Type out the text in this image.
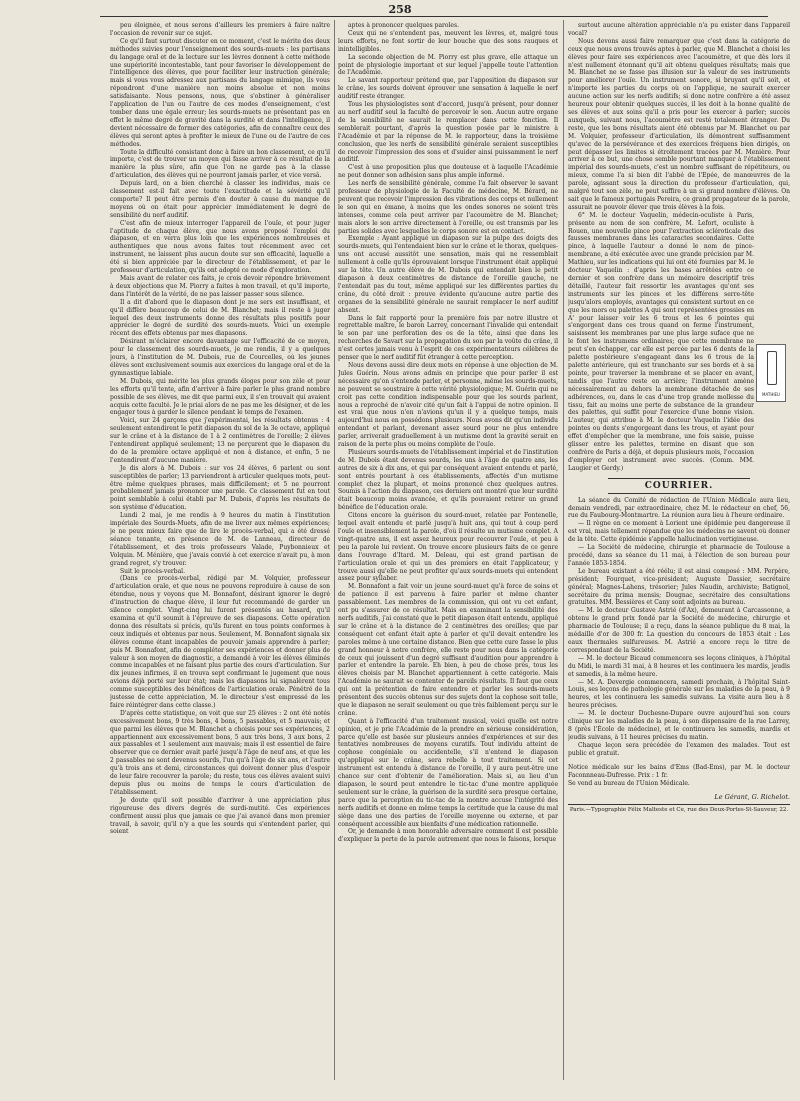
258

peu éloignée, et nous serons d'ailleurs les premiers à faire naître l'occasion de revenir sur ce sujet.

Ce qu'il faut surtout discuter en ce moment, c'est le mérite des deux méthodes suivies pour l'enseignement des sourds-muets : les partisans du langage oral et de la lecture sur les lèvres donnent à cette méthode une supériorité incontestable, tant pour favoriser le développement de l'intelligence des élèves, que pour faciliter leur instruction générale; mais si vous vous adressez aux partisans du langage mimique, ils vous répondront d'une manière non moins absolue et non moins satisfaisante. Nous pensons, nous, que s'obstiner à généraliser l'application de l'un ou l'autre de ces modes d'enseignement, c'est tomber dans une égale erreur; les sourds-muets ne présentant pas en effet le même degré de gravité dans la surdité et dans l'intelligence, il devient nécessaire de former des catégories, afin de connaître ceux des élèves qui seront aptes à profiter le mieux de l'une ou de l'autre de ces méthodes.

Toute la difficulté consistant donc à faire un bon classement, ce qu'il importe, c'est de trouver un moyen qui fasse arriver à ce résultat de la manière la plus sûre, afin que l'on ne garde pas à la classe d'articulation, des élèves qui ne pourront jamais parler, et vice versâ.

Depuis lard, on a bien cherché à classer les individus, mais ce classement est-il fait avec toute l'exactitude et la sévérité qu'il comporte? Il peut être permis d'en douter à cause du manque de moyens où on était pour apprécier immédiatement le degré de sensibilité du nerf auditif.

C'est afin de mieux interroger l'appareil de l'ouïe, et pour juger l'aptitude de chaque élève, que nous avons proposé l'emploi du diapason, et en verra plus loin que les expériences nombreuses et authentiques que nous avons faites tout récemment avec cet instrument, ne laissent plus aucun doute sur son efficacité, laquelle a été si bien appréciée par le directeur de l'établissement, et par le professeur d'articulation, qu'ils ont adopté ce mode d'exploration.

Mais avant de relater ces faits, je crois devoir répondre brièvement à deux objections que M. Piorry a faites à mon travail, et qu'il importe, dans l'intérêt de la vérité, de ne pas laisser passer sous silence.

Il a dit d'abord que le diapason dont je me sers est insuffisant, et qu'il diffère beaucoup de celui de M. Blanchet; mais il reste à juger lequel des deux instruments donne des résultats plus positifs pour apprécier le degré de surdité des sourds-muets. Voici un exemple récent des effets obtenus par mes diapasons.

Désirant m'éclairer encore davantage sur l'efficacité de ce moyen, pour le classement des sourds-muets, je me rendis, il y a quelques jours, à l'institution de M. Dubois, rue de Courcelles, où les jeunes élèves sont exclusivement soumis aux exercices du langage oral et de la gymnastique labiale.

M. Dubois, qui mérite les plus grands éloges pour son zèle et pour les efforts qu'il tente, afin d'arriver à faire parler le plus grand nombre possible de ses élèves, me dit que parmi eux, il s'en trouvait qui avaient acquis cette faculté. Je le priai alors de ne pas me les désigner, et de les engager tous à garder le silence pendant le temps de l'examen.

Voici, sur 24 garçons que j'expérimentai, les résultats obtenus : 4 seulement entendirent le petit diapason du sol de la 3e octave, appliqué sur le crâne et à la distance de 1 à 2 centimètres de l'oreille; 2 élèves l'entendirent appliqué seulement; 13 ne perçurent que le diapason du do de la première octave appliqué et non à distance, et enfin, 5 ne l'entendirent d'aucune manière.

Je dis alors à M. Dubois : sur vos 24 élèves, 6 parlent ou sont susceptibles de parler; 13 parviendront à articuler quelques mots, peut-être même quelques phrases, mais difficilement; et 5 ne pourront probablement jamais prononcer une parole. Ce classement fut en tout point semblable à celui établi par M. Dubois, d'après les résultats de son système d'éducation.

Lundi 2 mai, je me rendis à 9 heures du matin à l'institution impériale des Sourds-Muets, afin de me livrer aux mêmes expériences; je ne peux mieux faire que de lire le procès-verbal, qui a été dressé séance tenante, en présence de M. de Lanneau, directeur de l'établissement, et des trois professeurs Valade, Puybonnieux et Volquin. M. Ménière, que j'avais convié à cet exercice n'avait pu, à mon grand regret, s'y trouver.

Suit le procès-verbal.

(Dans ce procès-verbal, rédigé par M. Volquier, professeur d'articulation orale, et que nous ne pouvons reproduire à cause de son étendue, nous y voyons que M. Bonnafont, désirant ignorer le degré d'instruction de chaque élève, il leur fut recommandé de garder un silence complet. Vingt-cinq lui furent présentés au hasard, qu'il examina et qu'il soumit à l'épreuve de ses diapasons. Cette opération donna des résultats si précis, qu'ils furent en tous points conformes à ceux indiqués et obtenus par nous. Seulement, M. Bonnafont signala six élèves comme étant incapables de pouvoir jamais apprendre à parler; puis M. Bonnafont, afin de compléter ses expériences et donner plus de valeur à son moyen de diagnostic, a demandé à voir les élèves éliminés comme incapables et ne faisant plus partie des cours d'articulation. Sur dix jeunes infirmes, il en trouva sept confirmant le jugement que nous avions déjà porté sur leur état; mais les diapasons lui signalèrent tous comme susceptibles des bénéfices de l'articulation orale. Pénétré de la justesse de cette appréciation, M. le directeur s'est empressé de les faire réintégrer dans cette classe.)

D'après cette statistique, on voit que sur 25 élèves : 2 ont été notés excessivement bons, 9 très bons, 4 bons, 5 passables, et 5 mauvais; et que parmi les élèves que M. Blanchet a choisis pour ses expériences, 2 appartiennent aux excessivement bons, 5 aux très bons, 3 aux bons, 2 aux passables et 1 seulement aux mauvais; mais il est essentiel de faire observer que ce dernier avait parlé jusqu'à l'âge de neuf ans, et que les 2 passables ne sont devenus sourds, l'un qu'à l'âge de six ans, et l'autre qu'à trois ans et demi, circonstances qui doivent donner plus d'espoir de leur faire recouvrer la parole; du reste, tous ces élèves avaient suivi depuis plus ou moins de temps le cours d'articulation de l'établissement.

Je doute qu'il soit possible d'arriver à une appréciation plus rigoureuse des divers degrés de surdi-mutité. Ces expériences confirment aussi plus que jamais ce que j'ai avancé dans mon premier travail, à savoir, qu'il n'y a que les sourds qui s'entendent parler, qui soient

aptes à prononcer quelques paroles.

Ceux qui ne s'entendent pas, meuvent les lèvres, et, malgré tous leurs efforts, ne font sortir de leur bouche que des sons rauques et inintelligibles.

La seconde objection de M. Piorry est plus grave, elle attaque un point de physiologie important et sur lequel j'appelle toute l'attention de l'Académie.

Le savant rapporteur prétend que, par l'apposition du diapason sur le crâne, les sourds doivent éprouver une sensation à laquelle le nerf auditif reste étranger.

Tous les physiologistes sont d'accord, jusqu'à présent, pour donner au nerf auditif seul la faculté de percevoir le son. Aucun autre organe de la sensibilité ne saurait le remplacer dans cette fonction. Il semblerait pourtant, d'après la question posée par le ministre à l'Académie et par la réponse de M. le rapporteur, dans la troisième conclusion, que les nerfs de sensibilité générale seraient susceptibles de recevoir l'impression des sons et d'suider ainsi puissamment le nerf auditif.

C'est à une proposition plus que douteuse et à laquelle l'Académie ne peut donner son adhésion sans plus ample informé.

Les nerfs de sensibilité générale, comme l'a fait observer le savant professeur de physiologie de la Faculté de médecine, M. Bérard, ne peuvent que recevoir l'impression des vibrations des corps et nullement le son qui en émane, à moins que les ondes sonores ne soient très intenses, comme cela peut arriver par l'acoumètre de M. Blanchet; mais alors le son arrive directement à l'oreille, ou est transmis par les parties solides avec lesquelles le corps sonore est en contact.

Exemple : Ayant appliqué un diapason sur la pulpe des doigts des sourds-muets, qui l'entendaient bien sur le crâne et le thorax, quelques-uns ont accusé aussitôt une sensation, mais qui ne ressemblait nullement à celle qu'ils éprouvaient lorsque l'instrument était appliqué sur la tête. Un autre élève de M. Dubois qui entendait bien le petit diapason à deux centimètres de distance de l'oreille gauche, ne l'entendait pas du tout, même appliqué sur les différentes parties du crâne, du côté droit : preuve évidente qu'aucune autre partie des organes de la sensibilité générale ne saurait remplacer le nerf auditif absent.

Dans le fait rapporté pour la première fois par notre illustre et regrettable maître, le baron Larrey, concernant l'invalide qui entendait le son par une perforation des os de la tête, ainsi que dans les recherches de Savart sur la propagation du son par la voûte du crâne, il n'est certes jamais venu à l'esprit de ces expérimentateurs célèbres de penser que le nerf auditif fût étranger à cette perception.

Nous devons aussi dire deux mots en réponse à une objection de M. Jules Guérin. Nous avons admis en principe que pour parler il est nécessaire qu'on s'entende parler, et personne, même les sourds-muets, ne peuvent se soustraire à cette vérité physiologique; M. Guérin qui ne croit pas cette condition indispensable pour que les sourds parlent, nous a reproché de n'avoir cité qu'un fait à l'appui de notre opinion. Il est vrai que nous n'en n'avions qu'un il y a quelque temps, mais aujourd'hui nous en possédons plusieurs. Nous avons dit qu'un individu entendant et parlant, devenant assez sourd pour ne plus entendre parler, arriverait graduellement à un mutisme dont la gravité serait en raison de la perte plus ou moins complète de l'ouïe.

Plusieurs sourds-muets de l'établissement impérial et de l'institution de M. Dubois étant devenus sourds, les uns à l'âge de quatre ans, les autres de six à dix ans, et qui par conséquent avaient entendu et parlé, sont entrés pourtant à ces établissements, affectés d'un mutisme complet chez la plupart, et moins prononcé chez quelques autres. Soumis à l'action du diapason, ces derniers ont montré que leur surdité était beaucoup moins avancée, et qu'ils pouvaient retirer un grand bénéfice de l'éducation orale.

Citons encore la guérison du sourd-muet, relatée par Fontenelle, lequel avait entendu et parlé jusqu'à huit ans, qui tout à coup perd l'ouïe et insensiblement la parole, d'où il résulte un mutisme complet. A vingt-quatre ans, il est assez heureux pour recouvrer l'ouïe, et peu à peu la parole lui revient. On trouve encore plusieurs faits de ce genre dans l'ouvrage d'Itard. M. Deleau, qui est grand partisan de l'articulation orale et qui un des premiers en était l'applicateur, y trouve aussi qu'elle ne peut profiter qu'aux sourds-muets qui entendent assez pour syllaber.

M. Bonnafont a fait voir un jeune sourd-muet qu'à force de soins et de patience il est parvenu à faire parler et même chanter passablement. Les membres de la commission, qui ont vu cet enfant, ont pu s'assurer de ce résultat. Mais en examinant la sensibilité des nerfs auditifs, j'ai constaté que le petit diapason était entendu, appliqué sur le crâne et à la distance de 2 centimètres des oreilles; que par conséquent cet enfant était apte à parler et qu'il devait entendre les paroles même à une certaine distance. Bien que cette cure fasse le plus grand honneur à notre confrère, elle reste pour nous dans la catégorie de ceux qui jouissent d'un degré suffisant d'audition pour apprendre à parler et entendre la parole. Eh bien, à peu de chose près, tous les élèves choisis par M. Blanchet appartiennent à cette catégorie. Mais l'Académie ne saurait se contenter de pareils résultats. Il faut que ceux qui ont la prétention de faire entendre et parler les sourds-muets présentent des succès obtenus sur des sujets dont la cophose soit telle, que le diapason ne serait seulement ou que très faiblement perçu sur le crâne.

Quant à l'efficacité d'un traitement musical, voici quelle est notre opinion, et je prie l'Académie de la prendre en sérieuse considération, parce qu'elle est basée sur plusieurs années d'expériences et sur des tentatives nombreuses de moyens curatifs. Tout individu atteint de cophose congéniale ou accidentelle, s'il n'entend le diapason qu'appliqué sur le crâne, sera rebelle à tout traitement. Si cet instrument est entendu à distance de l'oreille, il y aura peut-être une chance sur cent d'obtenir de l'amélioration. Mais si, au lieu d'un diapason, le sourd peut entendre le tic-tac d'une montre appliquée seulement sur le crâne, la guérison de la surdité sera presque certaine, parce que la perception du tic-tac de la montre accuse l'intégrité des nerfs auditifs et donne en même temps la certitude que la cause du mal siège dans une des parties de l'oreille moyenne ou externe, et par conséquent accessible aux bienfaits d'une médication rationnelle.

Or, je demande à mon honorable adversaire comment il est possible d'expliquer la perte de la parole autrement que nous le faisons, lorsque

surtout aucune altération appréciable n'a pu exister dans l'appareil vocal?

Nous devons aussi faire remarquer que c'est dans la catégorie de ceux que nous avons trouvés aptes à parler, que M. Blanchet a choisi les élèves pour faire ses expériences avec l'acoumètre, et que dès lors il n'est nullement étonnant qu'il ait obtenu quelques résultats; mais que M. Blanchet ne se fasse pas illusion sur la valeur de ses instruments pour améliorer l'ouïe. Un instrument sonore, si bruyant qu'il soit, et n'importe les parties du corps où on l'applique, ne saurait exercer aucune action sur les nerfs auditifs; si donc notre confrère a été assez heureux pour obtenir quelques succès, il les doit à la bonne qualité de ses élèves et aux soins qu'il a pris pour les exercer à parler; succès auxquels, suivant nous, l'acoumètre est resté totalement étranger. Du reste, que les bons résultats aient été obtenus par M. Blanchet ou par M. Volquier, professeur d'articulation, ils démontrent suffisamment qu'avec de la persévérance et des exercices fréquens bien dirigés, on peut dépasser les limites si étroitement tracées par M. Menière. Pour arriver à ce but, une chose semble pourtant manquer à l'établissement impérial des sourds-muets, c'est un nombre suffisant de répétiteurs, ou mieux, comme l'a si bien dit l'abbé de l'Epée, de manœuvres de la parole, agissant sous la direction du professeur d'articulation, qui, malgré tout son zèle, ne peut suffire à un si grand nombre d'élèves. On sait que le fameux portugais Pereira, ce grand propagateur de la parole, assurait ne pouvoir élever que trois élèves à la fois.

6° M. le docteur Vaquelin, médecin-oculiste à Paris, présente au nom de son confrère, M. Lefort, oculiste à Rouen, une nouvelle pince pour l'extraction scléroticale des fausses membranes dans les cataractes secondaires. Cette pince, à laquelle l'auteur a donné le nom de pince-membrane, a été exécutée avec une grande précision par M. Mathieu, sur les indications qui lui ont été fournies par M. le docteur Vaquelin : d'après les bases arrêtées entre ce dernier et son confrère dans un mémoire descriptif très détaillé, l'auteur fait ressortir les avantages qu'ont ses instruments sur les pinces et les différens serre-tête jusqu'alors employés, avantages qui consistent surtout en ce que les mors ou palettes A qui sont représentées grossies en A' pour laisser voir les 6 trous et les 6 pointes qui s'engorgent dans ces trous quand on ferme l'instrument, saisissent les membranes par une plus large suface que ne le font les instrumens ordinaires; que cette membrane ne peut s'en échapper, car elle est percée par les 6 dents de la palette postérieure s'engageant dans les 6 trous de la palette antérieure, qui est tranchante sur ses bords et à sa pointe, pour traverser la membrane et se placer en avant, tandis que l'autre reste en arrière; l'instrument amène nécessairement au dehors la membrane détachée de ses adhérences, ou, dans le cas d'une trop grande mollesse du tissu, fait au moins une perte de substance de la grandeur des palettes, qui suffit pour l'exercice d'une bonne vision. L'auteur, qui attribue à M. le docteur Vaquelin l'idée des pointes ou dents s'engorgeant dans les trous, et ayant pour effet d'empêcher que la membrane, une fois saisie, puisse glisser entre les palettes, termine en disant que son confrère de Paris a déjà, et depuis plusieurs mois, l'occasion d'employer cet instrument avec succès. (Comm. MM. Laugier et Gerdy.)

COURRIER.

La séance du Comité de rédaction de l'Union Médicale aura lieu, demain vendredi, par extraordinaire, chez M. le rédacteur en chef, 56, rue du Faubourg-Montmartre. La réunion aura lieu à l'heure ordinaire.

— Il règne en ce moment à Lorient une épidémie peu dangereuse il est vrai, mais tellement répandue que les médecins ne savent où donner de la tête. Cette épidémie s'appelle hallucination vertigineuse.

— La Société de médecine, chirurgie et pharmacie de Toulouse a procédé, dans sa séance du 11 mai, à l'élection de son bureau pour l'année 1853-1854.

Le bureau existant a été réélu; il est ainsi composé : MM. Perpère, président; Fourquet, vice-président; Auguste Dassier, secrétaire général; Magnes-Lahens, trésorier; Jules Naudin, archiviste; Batignol, secrétaire du prima mensis; Dougnac, secrétaire des consultations gratuites. MM. Bessières et Cany sont adjoints au bureau.

— M. le docteur Gustave Astrié (d'Ax), demeurant à Carcassonne, a obtenu le grand prix fondé par la Société de médecine, chirurgie et pharmacie de Toulouse; il a reçu, dans la séance publique du 8 mai, la médaille d'or de 300 fr. La question du concours de 1853 était : Les eaux thermales sulfureuses. M. Astrié a encore reçu le titre de correspondant de la Société.

— M. le docteur Bicaud commencera ses leçons cliniques, à l'hôpital du Midi, le mardi 31 mai, à 8 heures et les continuera les mardis, jeudis et samedis, à la même heure.

— M. A. Devergie commencera, samedi prochain, à l'hôpital Saint-Louis, ses leçons de pathologie générale sur les maladies de la peau, à 9 heures, et les continuera les samedis suivans. La visite aura lieu à 8 heures précises.

— M. le docteur Duchesne-Dupare ouvre aujourd'hui son cours clinique sur les maladies de la peau, à son dispensaire de la rue Larrey, 8 (près l'École de médecine), et le continuera les samedis, mardis et jeudis suivans, à 11 heures précises du matin.

Chaque leçon sera précédée de l'examen des malades. Tout est public et gratuit.

Notice médicale sur les bains d'Ems (Bad-Ems), par M. le docteur Faconnneau-Dufresse. Prix : 1 fr.
Se vend au bureau de l'Union Médicale.
Le Gérant, G. Richelot.
Paris.—Typographie Félix Malteste et Ce, rue des Deux-Portes-St-Sauveur, 22.
MATHIEU
